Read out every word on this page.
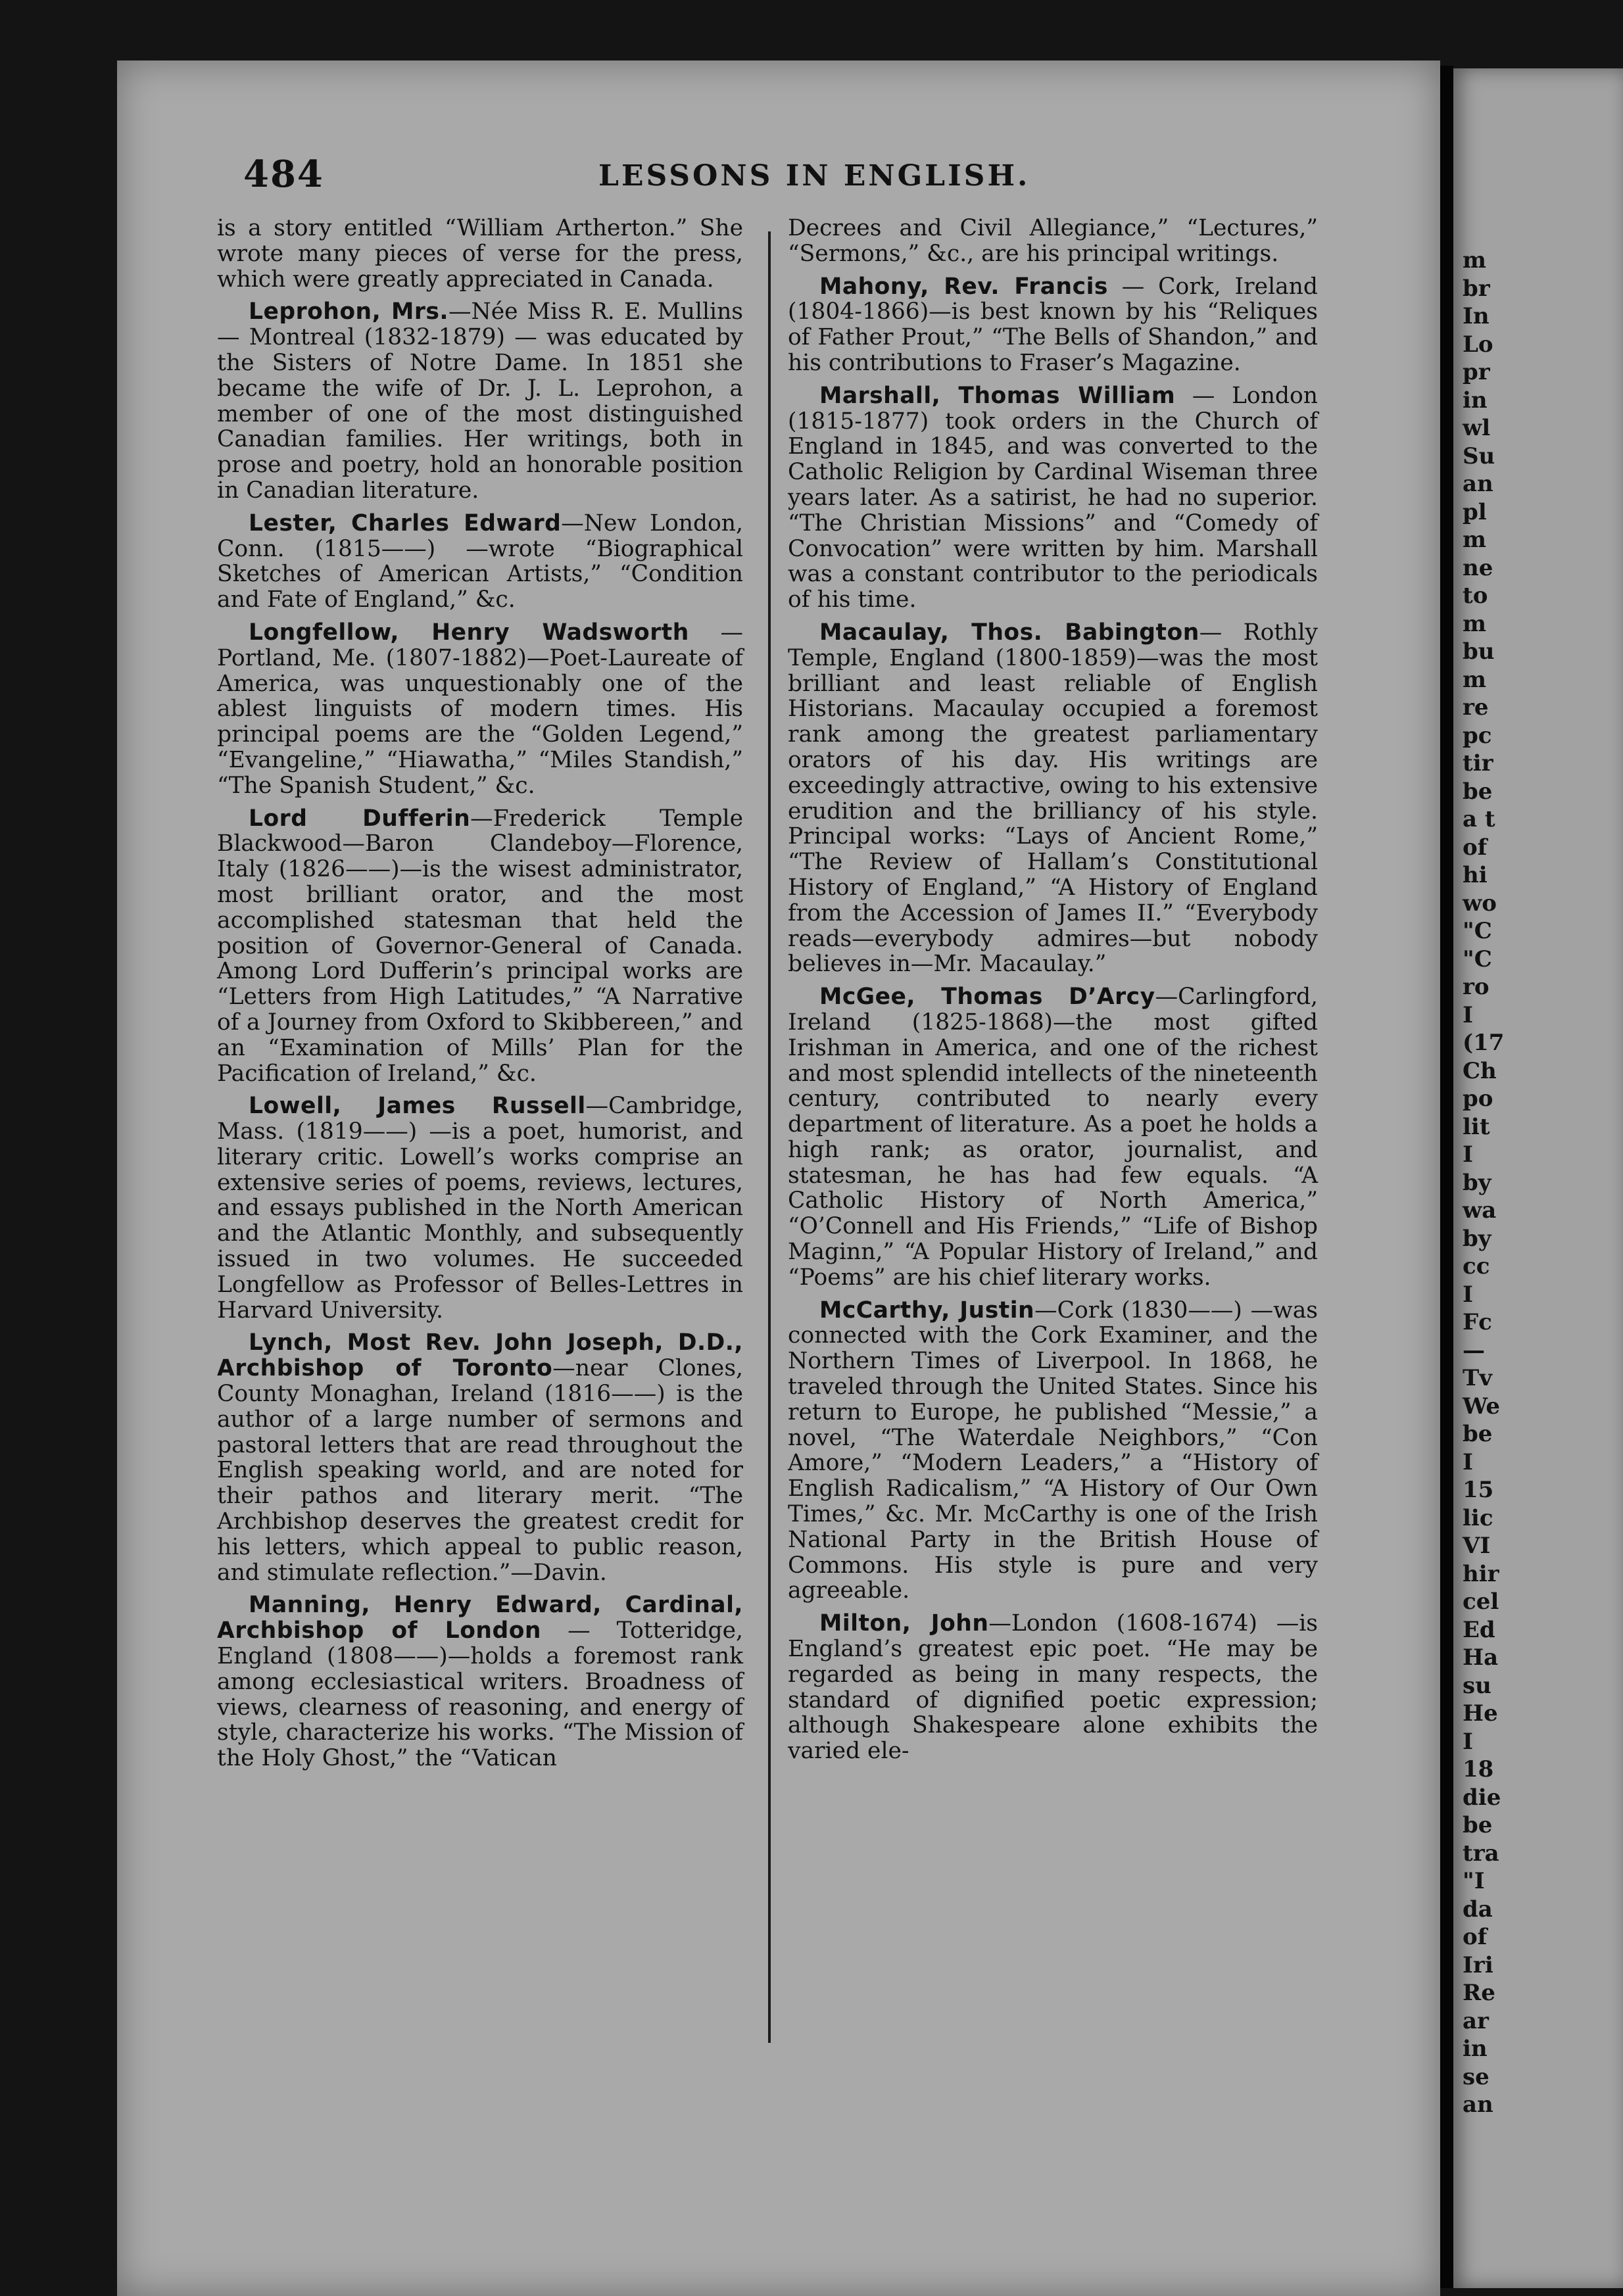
m
br
In
Lo
pr
in
wl
Su
an
pl
m
ne
to
m
bu
m
re
pc
tir
be
a t
of
hi
wo
"C
"C
ro
I
(17
Ch
po
lit
I
by
wa
by
cc
I
Fc
—
Tv
We
be
I
15
lic
VI
hir
cel
Ed
Ha
su
He
I
18
die
be
tra
"I
da
of
Iri
Re
ar
in
se
an
484	LESSONS IN ENGLISH.

is a story entitled “William Artherton.” She wrote many pieces of verse for the press, which were greatly appreciated in Canada.

Leprohon, Mrs.—Née Miss R. E. Mullins — Montreal (1832-1879) — was educated by the Sisters of Notre Dame. In 1851 she became the wife of Dr. J. L. Leprohon, a member of one of the most distinguished Canadian families. Her writings, both in prose and poetry, hold an honorable position in Canadian literature.

Lester, Charles Edward—New London, Conn. (1815——) —wrote “Biographical Sketches of American Artists,” “Condition and Fate of England,” &c.

Longfellow, Henry Wadsworth —Portland, Me. (1807-1882)—Poet-Laureate of America, was unquestionably one of the ablest linguists of modern times. His principal poems are the “Golden Legend,” “Evangeline,” “Hiawatha,” “Miles Standish,” “The Spanish Student,” &c.

Lord Dufferin—Frederick Temple Blackwood—Baron Clandeboy—Florence, Italy (1826——)—is the wisest administrator, most brilliant orator, and the most accomplished statesman that held the position of Governor-General of Canada. Among Lord Dufferin’s principal works are “Letters from High Latitudes,” “A Narrative of a Journey from Oxford to Skibbereen,” and an “Examination of Mills’ Plan for the Pacification of Ireland,” &c.

Lowell, James Russell—Cambridge, Mass. (1819——) —is a poet, humorist, and literary critic. Lowell’s works comprise an extensive series of poems, reviews, lectures, and essays published in the North American and the Atlantic Monthly, and subsequently issued in two volumes. He succeeded Longfellow as Professor of Belles-Lettres in Harvard University.

Lynch, Most Rev. John Joseph, D.D., Archbishop of Toronto—near Clones, County Monaghan, Ireland (1816——) is the author of a large number of sermons and pastoral letters that are read throughout the English speaking world, and are noted for their pathos and literary merit. “The Archbishop deserves the greatest credit for his letters, which appeal to public reason, and stimulate reflection.”—Davin.

Manning, Henry Edward, Cardinal, Archbishop of London — Totteridge, England (1808——)—holds a foremost rank among ecclesiastical writers. Broadness of views, clearness of reasoning, and energy of style, characterize his works. “The Mission of the Holy Ghost,” the “Vatican

Decrees and Civil Allegiance,” “Lectures,” “Sermons,” &c., are his principal writings.

Mahony, Rev. Francis — Cork, Ireland (1804-1866)—is best known by his “Reliques of Father Prout,” “The Bells of Shandon,” and his contributions to Fraser’s Magazine.

Marshall, Thomas William — London (1815-1877) took orders in the Church of England in 1845, and was converted to the Catholic Religion by Cardinal Wiseman three years later. As a satirist, he had no superior. “The Christian Missions” and “Comedy of Convocation” were written by him. Marshall was a constant contributor to the periodicals of his time.

Macaulay, Thos. Babington— Rothly Temple, England (1800-1859)—was the most brilliant and least reliable of English Historians. Macaulay occupied a foremost rank among the greatest parliamentary orators of his day. His writings are exceedingly attractive, owing to his extensive erudition and the brilliancy of his style. Principal works: “Lays of Ancient Rome,” “The Review of Hallam’s Constitutional History of England,” “A History of England from the Accession of James II.” “Everybody reads—everybody admires—but nobody believes in—Mr. Macaulay.”

McGee, Thomas D’Arcy—Carlingford, Ireland (1825-1868)—the most gifted Irishman in America, and one of the richest and most splendid intellects of the nineteenth century, contributed to nearly every department of literature. As a poet he holds a high rank; as orator, journalist, and statesman, he has had few equals. “A Catholic History of North America,” “O’Connell and His Friends,” “Life of Bishop Maginn,” “A Popular History of Ireland,” and “Poems” are his chief literary works.

McCarthy, Justin—Cork (1830——) —was connected with the Cork Examiner, and the Northern Times of Liverpool. In 1868, he traveled through the United States. Since his return to Europe, he published “Messie,” a novel, “The Waterdale Neighbors,” “Con Amore,” “Modern Leaders,” a “History of English Radicalism,” “A History of Our Own Times,” &c. Mr. McCarthy is one of the Irish National Party in the British House of Commons. His style is pure and very agreeable.

Milton, John—London (1608-1674) —is England’s greatest epic poet. “He may be regarded as being in many respects, the standard of dignified poetic expression; although Shakespeare alone exhibits the varied ele-
